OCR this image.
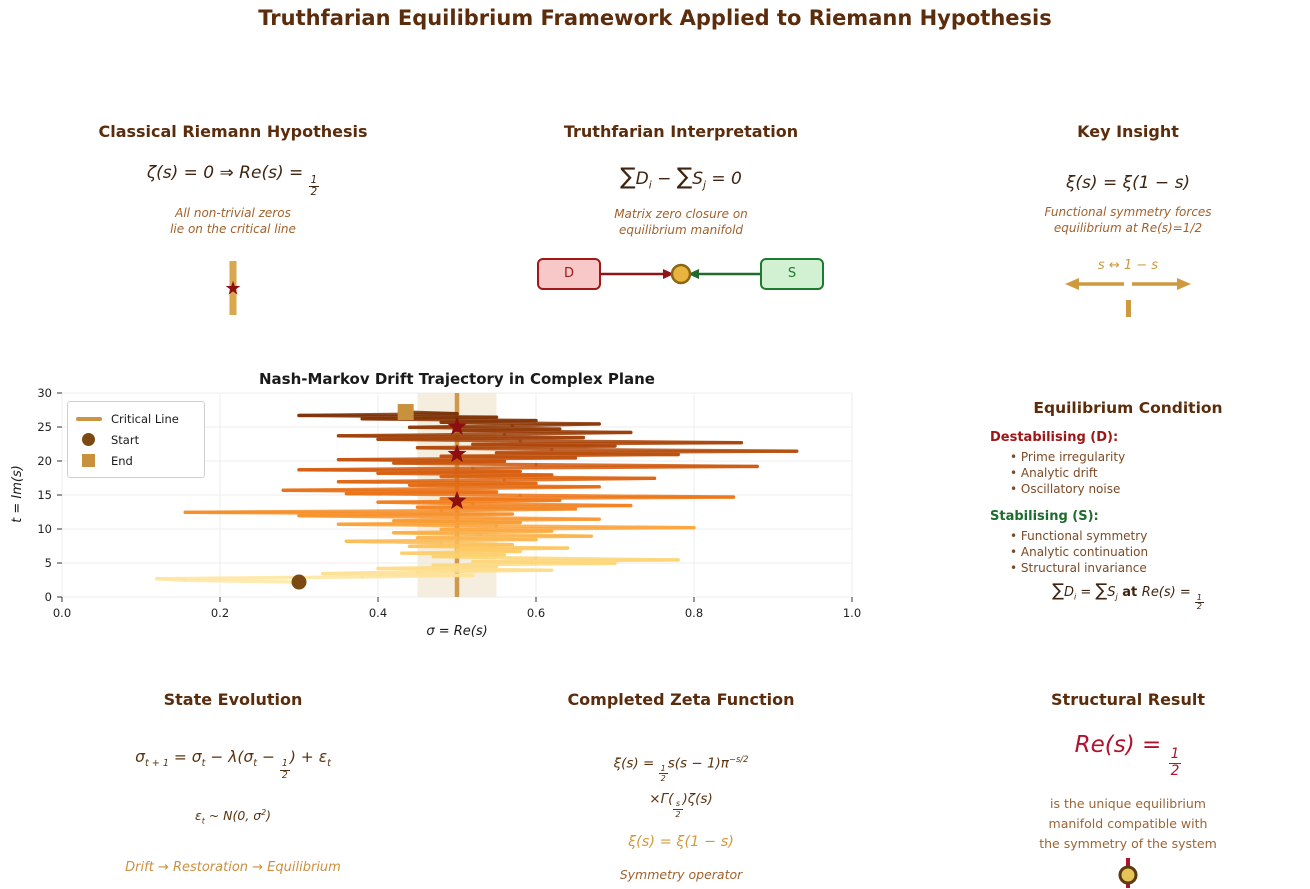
Truthfarian Equilibrium Framework Applied to Riemann Hypothesis
Classical Riemann Hypothesis
ζ(s) = 0 ⇒ Re(s) =
$\frac{1}{2}$
All non-trivial zeros
lie on the critical line
★
Truthfarian Interpretation
$\sum D_i - \sum S_j = 0$
Matrix zero closure on
equilibrium manifold
D	S
Key Insight
ξ(s) = ξ(1 − s)
Functional symmetry forces
equilibrium at Re(s)=1/2
s ↔ 1 − s
Nash-Markov Drift Trajectory in Complex Plane
0.0	0.2	0.4	0.6	0.8	1.0
0
5
10
15
20
25
30
σ = Re(s)
t = Im(s)
Critical Line
Start
End
Equilibrium Condition
Destabilising (D):
• Prime irregularity
• Analytic drift
• Oscillatory noise
Stabilising (S):
• Functional symmetry
• Analytic continuation
• Structural invariance
$\sum D_i = \sum S_j$ at Re(s) =
$\frac{1}{2}$
State Evolution
$\sigma_{t + 1} = \sigma_t - \lambda(\sigma_t$ −
$\frac{1}{2}$
) + $\varepsilon_t$
$\varepsilon_t$ ~ N(0, $\sigma^2$)
Drift → Restoration → Equilibrium
Completed Zeta Function
ξ(s) =
$\frac{1}{2}$
$s(s - 1)\pi^{-s/2}$
×Γ(
$\frac{s}{2}$
)ζ(s)
ξ(s) = ξ(1 − s)
Symmetry operator
Structural Result
Re(s) =
$\frac{1}{2}$
is the unique equilibrium
manifold compatible with
the symmetry of the system
